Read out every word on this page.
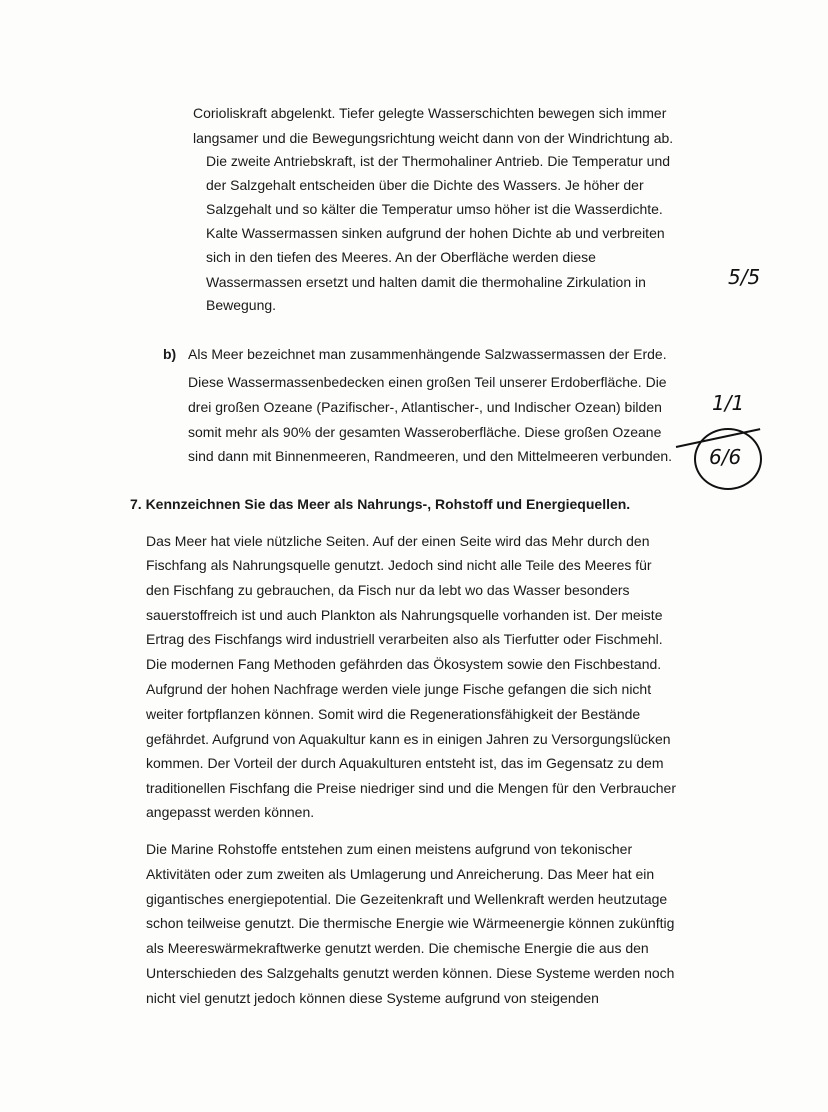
Corioliskraft abgelenkt. Tiefer gelegte Wasserschichten bewegen sich immer
langsamer und die Bewegungsrichtung weicht dann von der Windrichtung ab.
Die zweite Antriebskraft, ist der Thermohaliner Antrieb. Die Temperatur und
der Salzgehalt entscheiden über die Dichte des Wassers. Je höher der
Salzgehalt und so kälter die Temperatur umso höher ist die Wasserdichte.
Kalte Wassermassen sinken aufgrund der hohen Dichte ab und verbreiten
sich in den tiefen des Meeres. An der Oberfläche werden diese
Wassermassen ersetzt und halten damit die thermohaline Zirkulation in
Bewegung.
5/5
b) Als Meer bezeichnet man zusammenhängende Salzwassermassen der Erde.
Diese Wassermassenbedecken einen großen Teil unserer Erdoberfläche. Die
drei großen Ozeane (Pazifischer-, Atlantischer-, und Indischer Ozean) bilden
somit mehr als 90% der gesamten Wasseroberfläche. Diese großen Ozeane
sind dann mit Binnenmeeren, Randmeeren, und den Mittelmeeren verbunden.
1/1
6/6
7. Kennzeichnen Sie das Meer als Nahrungs-, Rohstoff und Energiequellen.
Das Meer hat viele nützliche Seiten. Auf der einen Seite wird das Mehr durch den
Fischfang als Nahrungsquelle genutzt. Jedoch sind nicht alle Teile des Meeres für
den Fischfang zu gebrauchen, da Fisch nur da lebt wo das Wasser besonders
sauerstoffreich ist und auch Plankton als Nahrungsquelle vorhanden ist. Der meiste
Ertrag des Fischfangs wird industriell verarbeiten also als Tierfutter oder Fischmehl.
Die modernen Fang Methoden gefährden das Ökosystem sowie den Fischbestand.
Aufgrund der hohen Nachfrage werden viele junge Fische gefangen die sich nicht
weiter fortpflanzen können. Somit wird die Regenerationsfähigkeit der Bestände
gefährdet. Aufgrund von Aquakultur kann es in einigen Jahren zu Versorgungslücken
kommen. Der Vorteil der durch Aquakulturen entsteht ist, das im Gegensatz zu dem
traditionellen Fischfang die Preise niedriger sind und die Mengen für den Verbraucher
angepasst werden können.
Die Marine Rohstoffe entstehen zum einen meistens aufgrund von tekonischer
Aktivitäten oder zum zweiten als Umlagerung und Anreicherung. Das Meer hat ein
gigantisches energiepotential. Die Gezeitenkraft und Wellenkraft werden heutzutage
schon teilweise genutzt. Die thermische Energie wie Wärmeenergie können zukünftig
als Meereswärmekraftwerke genutzt werden. Die chemische Energie die aus den
Unterschieden des Salzgehalts genutzt werden können. Diese Systeme werden noch
nicht viel genutzt jedoch können diese Systeme aufgrund von steigenden
